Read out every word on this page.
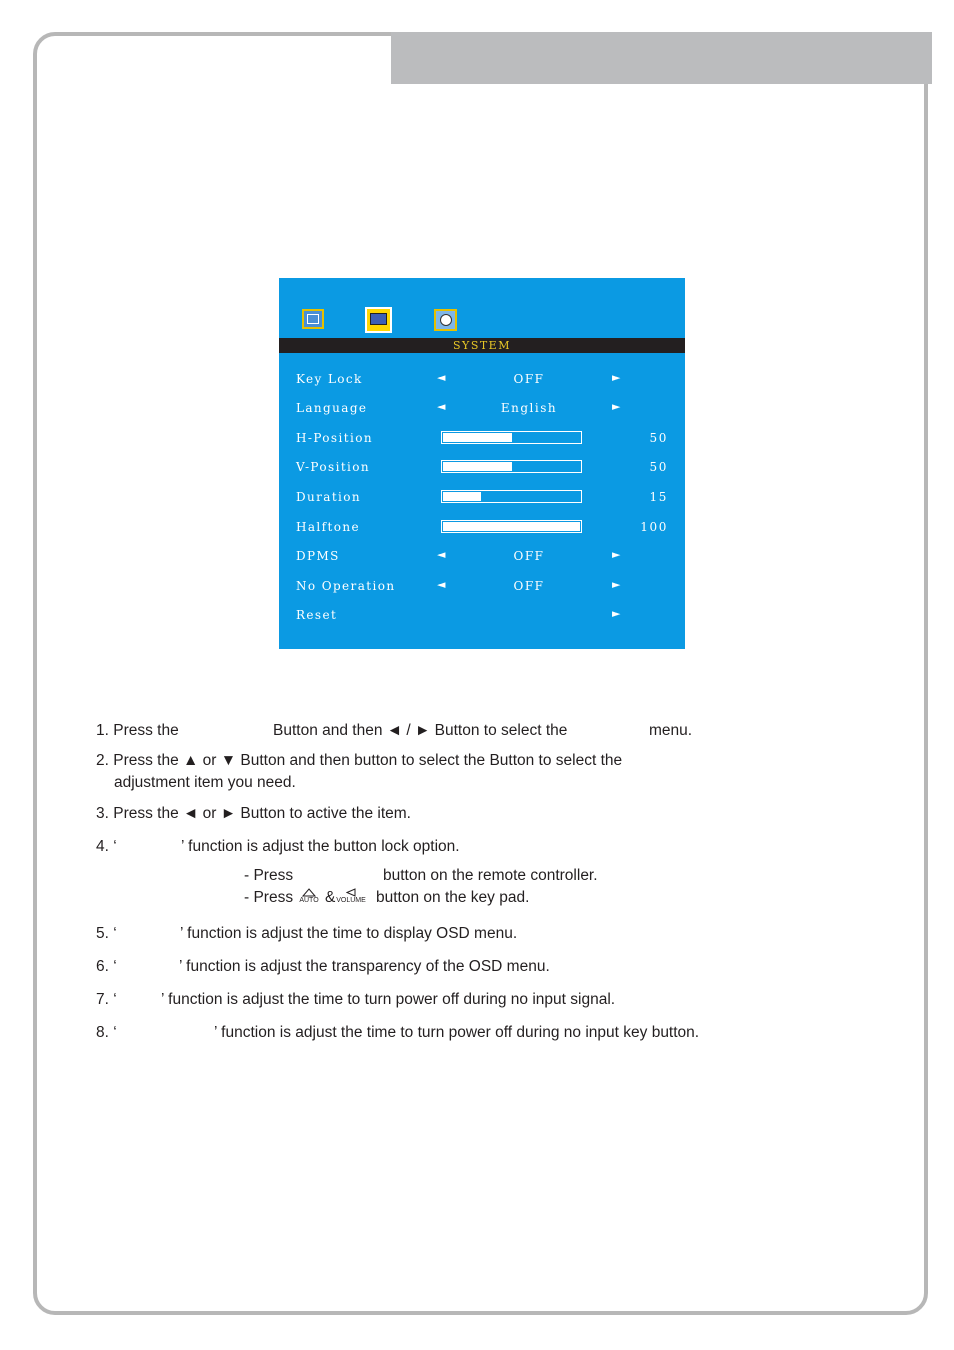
SYSTEM
Key Lock	◄	OFF	►
Language	◄	English	►
H-Position	50
V-Position	50
Duration	15
Halftone	100
DPMS	◄	OFF	►
No Operation	◄	OFF	►
Reset	►
1. Press the	Button and then ◄ / ► Button to select the	menu.
2. Press the ▲ or ▼ Button and then button to select the Button to select the
adjustment item you need.
3. Press the ◄ or ► Button to active the item.
4. ‘	’ function is adjust the button lock option.
- Press	button on the remote controller.
- Press AUTO & VOLUME button on the key pad.
5. ‘	’ function is adjust the time to display OSD menu.
6. ‘	’ function is adjust the transparency of the OSD menu.
7. ‘	’ function is adjust the time to turn power off during no input signal.
8. ‘	’ function is adjust the time to turn power off during no input key button.
